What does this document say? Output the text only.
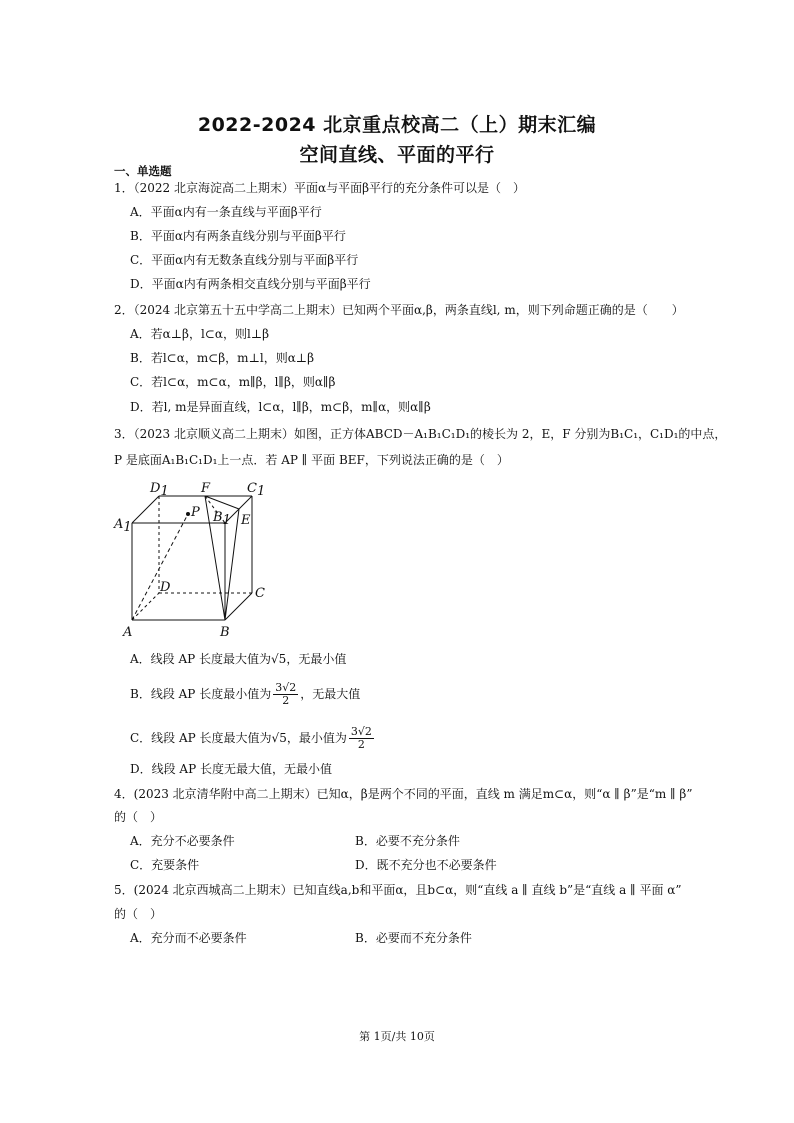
2022-2024 北京重点校高二（上）期末汇编
空间直线、平面的平行
一、单选题
1．（2022 北京海淀高二上期末）平面α与平面β平行的充分条件可以是（　）
A．平面α内有一条直线与平面β平行
B．平面α内有两条直线分别与平面β平行
C．平面α内有无数条直线分别与平面β平行
D．平面α内有两条相交直线分别与平面β平行
2．（2024 北京第五十五中学高二上期末）已知两个平面α,β，两条直线l, m，则下列命题正确的是（　　）
A．若α⊥β，l⊂α，则l⊥β
B．若l⊂α，m⊂β，m⊥l，则α⊥β
C．若l⊂α，m⊂α，m∥β，l∥β，则α∥β
D．若l, m是异面直线，l⊂α，l∥β，m⊂β，m∥α，则α∥β
3．（2023 北京顺义高二上期末）如图，正方体ABCD－A₁B₁C₁D₁的棱长为 2，E，F 分别为B₁C₁，C₁D₁的中点，
P 是底面A₁B₁C₁D₁上一点．若 AP ∥ 平面 BEF，下列说法正确的是（　）
D1 F	C1
A1
P B1 E
D	C
A	B
A．线段 AP 长度最大值为√5，无最小值
B．线段 AP 长度最小值为 $\frac{3√2}{2}$ ，无最大值
C．线段 AP 长度最大值为√5，最小值为 $\frac{3√2}{2}$
D．线段 AP 长度无最大值，无最小值
4．(2023 北京清华附中高二上期末）已知α，β是两个不同的平面，直线 m 满足m⊂α，则“α ∥ β”是“m ∥ β”
的（　）
A．充分不必要条件	B．必要不充分条件
C．充要条件	D．既不充分也不必要条件
5．(2024 北京西城高二上期末）已知直线a,b和平面α，且b⊂α，则“直线 a ∥ 直线 b”是“直线 a ∥ 平面 α”
的（　）
A．充分而不必要条件	B．必要而不充分条件
第 1页/共 10页
